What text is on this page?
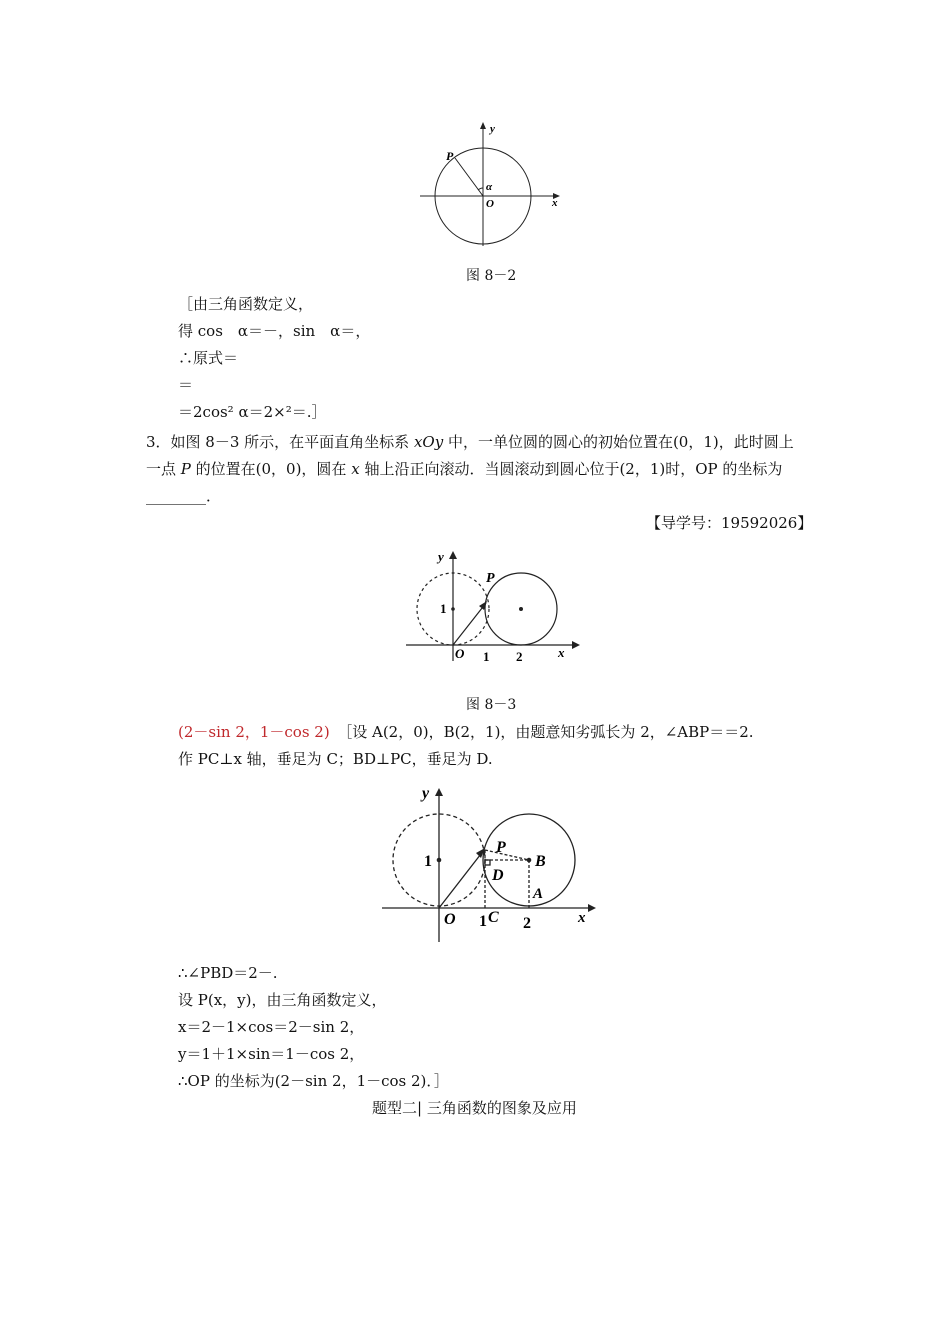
y
x
P
O
α
图 8－2
［由三角函数定义，
得 cos　α＝－，sin　α＝，
∴原式＝
＝
＝2cos² α＝2×²＝.］
3．如图 8－3 所示，在平面直角坐标系 xOy 中，一单位圆的圆心的初始位置在(0，1)，此时圆上一点 P 的位置在(0，0)，圆在 x 轴上沿正向滚动．当圆滚动到圆心位于(2，1)时，OP 的坐标为________．
【导学号：19592026】
y
x
P
O
1
1 2
图 8－3
(2－sin 2，1－cos 2)　 ［设 A(2，0)，B(2，1)，由题意知劣弧长为 2，∠ABP＝＝2.
作 PC⊥x 轴，垂足为 C；BD⊥PC，垂足为 D.
y
x
P
B
D
A
C
O
1
1 2
∴∠PBD＝2－.
设 P(x，y)，由三角函数定义，
x＝2－1×cos＝2－sin 2，
y＝1＋1×sin＝1－cos 2，
∴OP 的坐标为(2－sin 2，1－cos 2)．］
题型二| 三角函数的图象及应用
